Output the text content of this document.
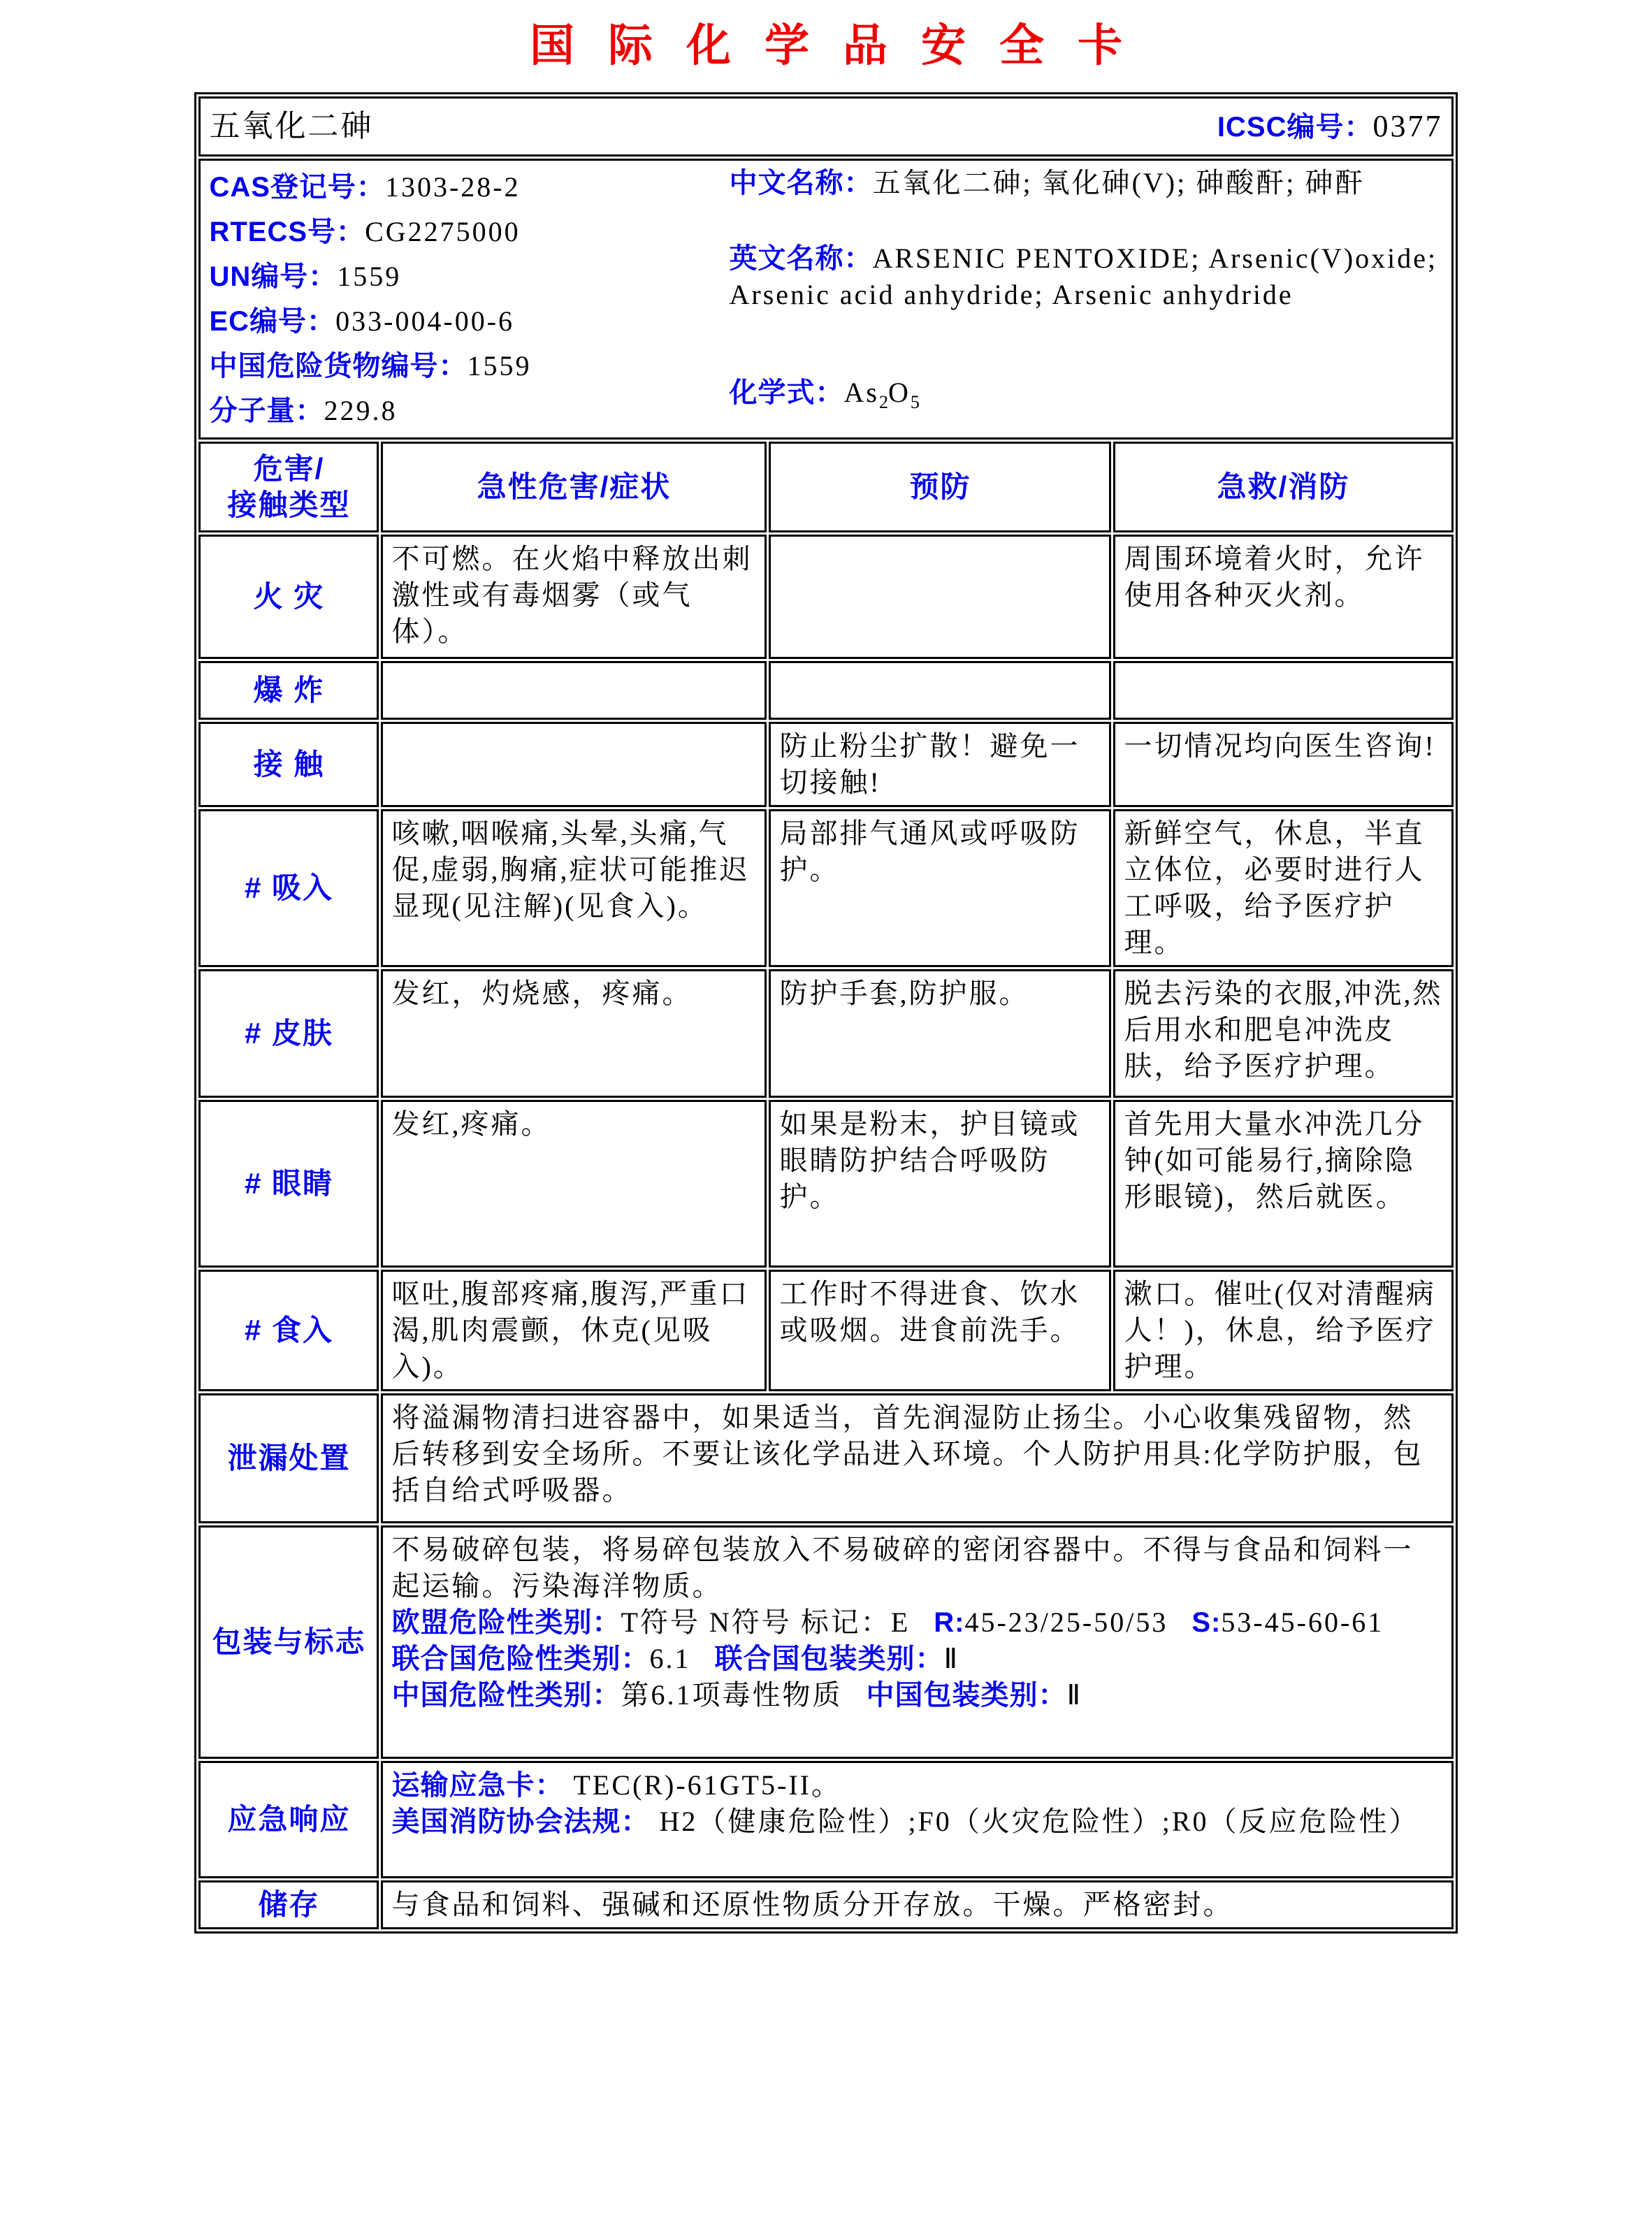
国际化学品安全卡
五氧化二砷 ICSC编号：0377			

CAS登记号：1303-28-2
RTECS号：CG2275000
UN编号：1559
EC编号：033-004-00-6
中国危险货物编号：1559
分子量：229.8
中文名称：五氧化二砷; 氧化砷(V); 砷酸酐; 砷酐
英文名称：ARSENIC PENTOXIDE; Arsenic(V)oxide; Arsenic acid anhydride; Arsenic anhydride
化学式：$As_2O_5$

危害/接触类型	急性危害/症状	预防	急救/消防
火 灾	不可燃。在火焰中释放出刺激性或有毒烟雾（或气体）。		周围环境着火时，允许使用各种灭火剂。
爆 炸			
接 触		防止粉尘扩散！避免一切接触!	一切情况均向医生咨询!
# 吸入	咳嗽,咽喉痛,头晕,头痛,气促,虚弱,胸痛,症状可能推迟显现(见注解)(见食入)。	局部排气通风或呼吸防护。	新鲜空气，休息，半直立体位，必要时进行人工呼吸，给予医疗护理。
# 皮肤	发红，灼烧感，疼痛。	防护手套,防护服。	脱去污染的衣服,冲洗,然后用水和肥皂冲洗皮肤，给予医疗护理。
# 眼睛	发红,疼痛。	如果是粉末，护目镜或眼睛防护结合呼吸防护。	首先用大量水冲洗几分钟(如可能易行,摘除隐形眼镜)，然后就医。
# 食入	呕吐,腹部疼痛,腹泻,严重口渴,肌肉震颤，休克(见吸入)。	工作时不得进食、饮水或吸烟。进食前洗手。	漱口。催吐(仅对清醒病人！)，休息，给予医疗护理。
泄漏处置	将溢漏物清扫进容器中，如果适当，首先润湿防止扬尘。小心收集残留物，然后转移到安全场所。不要让该化学品进入环境。个人防护用具:化学防护服，包括自给式呼吸器。		
包装与标志	不易破碎包装，将易碎包装放入不易破碎的密闭容器中。不得与食品和饲料一起运输。污染海洋物质。
欧盟危险性类别：T符号 N符号 标记：E R:45-23/25-50/53 S:53-45-60-61
联合国危险性类别：6.1 联合国包装类别：Ⅱ
中国危险性类别：第6.1项毒性物质 中国包装类别：Ⅱ		

应急响应	运输应急卡： TEC(R)-61GT5-II。
美国消防协会法规： H2（健康危险性）;F0（火灾危险性）;R0（反应危险性）		

储存	与食品和饲料、强碱和还原性物质分开存放。干燥。严格密封。		
